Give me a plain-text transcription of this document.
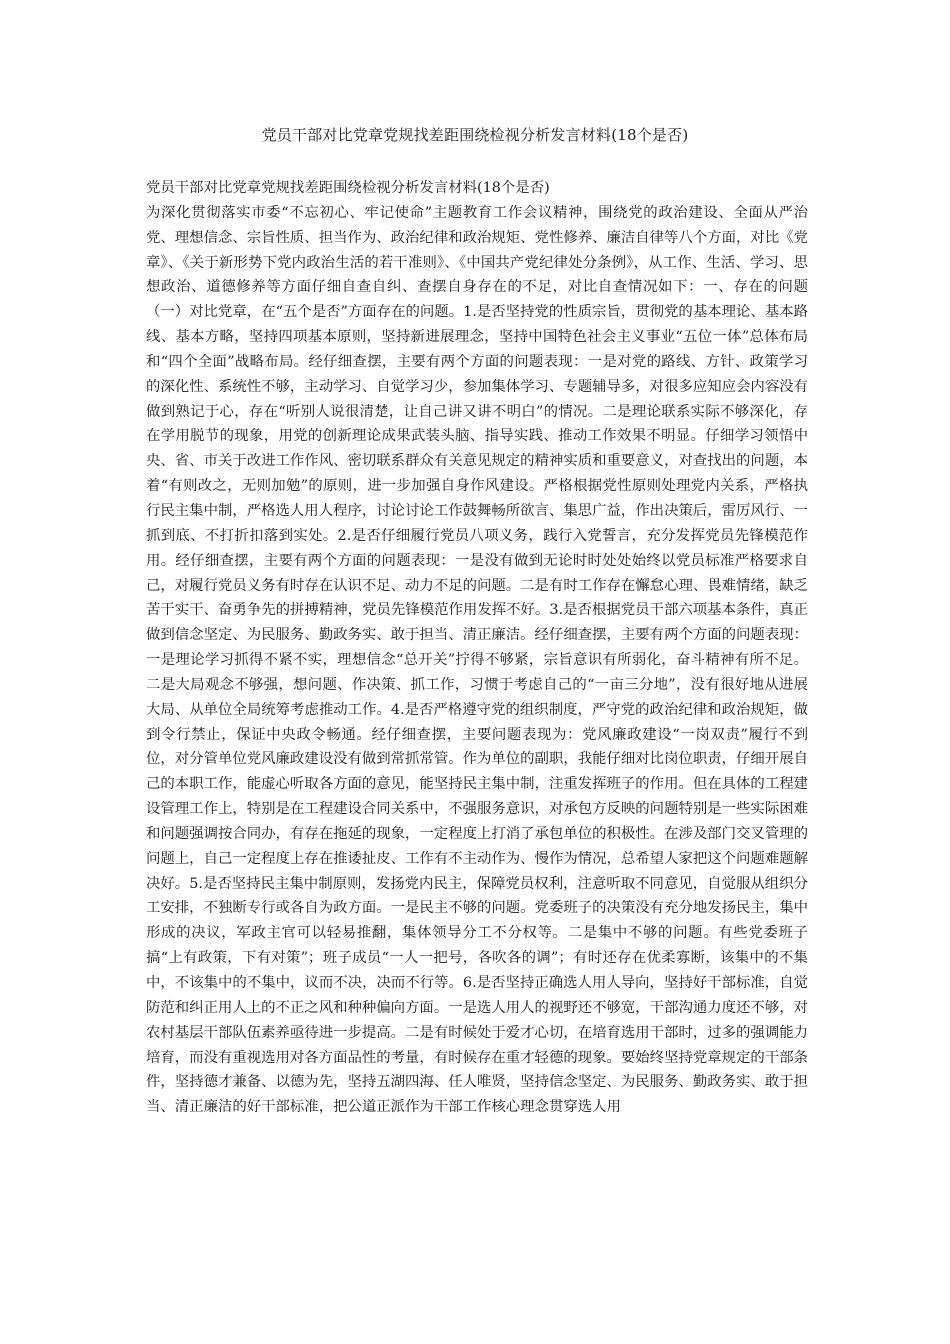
党员干部对比党章党规找差距围绕检视分析发言材料(18个是否)

党员干部对比党章党规找差距围绕检视分析发言材料(18个是否)

为深化贯彻落实市委“不忘初心、牢记使命”主题教育工作会议精神，围绕党的政治建设、全面从严治党、理想信念、宗旨性质、担当作为、政治纪律和政治规矩、党性修养、廉洁自律等八个方面，对比《党章》、《关于新形势下党内政治生活的若干准则》、《中国共产党纪律处分条例》，从工作、生活、学习、思想政治、道德修养等方面仔细自查自纠、查摆自身存在的不足，对比自查情况如下：一、存在的问题（一）对比党章，在“五个是否”方面存在的问题。1.是否坚持党的性质宗旨，贯彻党的基本理论、基本路线、基本方略，坚持四项基本原则，坚持新进展理念，坚持中国特色社会主义事业“五位一体”总体布局和“四个全面”战略布局。经仔细查摆，主要有两个方面的问题表现：一是对党的路线、方针、政策学习的深化性、系统性不够，主动学习、自觉学习少，参加集体学习、专题辅导多，对很多应知应会内容没有做到熟记于心，存在“听别人说很清楚，让自己讲又讲不明白”的情况。二是理论联系实际不够深化，存在学用脱节的现象，用党的创新理论成果武装头脑、指导实践、推动工作效果不明显。仔细学习领悟中央、省、市关于改进工作作风、密切联系群众有关意见规定的精神实质和重要意义，对查找出的问题，本着“有则改之，无则加勉”的原则，进一步加强自身作风建设。严格根据党性原则处理党内关系，严格执行民主集中制，严格选人用人程序，讨论讨论工作鼓舞畅所欲言、集思广益，作出决策后，雷厉风行、一抓到底、不打折扣落到实处。2.是否仔细履行党员八项义务，践行入党誓言，充分发挥党员先锋模范作用。经仔细查摆，主要有两个方面的问题表现：一是没有做到无论时时处处始终以党员标准严格要求自己，对履行党员义务有时存在认识不足、动力不足的问题。二是有时工作存在懈怠心理、畏难情绪，缺乏苦干实干、奋勇争先的拼搏精神，党员先锋模范作用发挥不好。3.是否根据党员干部六项基本条件，真正做到信念坚定、为民服务、勤政务实、敢于担当、清正廉洁。经仔细查摆，主要有两个方面的问题表现：一是理论学习抓得不紧不实，理想信念“总开关”拧得不够紧，宗旨意识有所弱化，奋斗精神有所不足。二是大局观念不够强，想问题、作决策、抓工作，习惯于考虑自己的“一亩三分地”，没有很好地从进展大局、从单位全局统筹考虑推动工作。4.是否严格遵守党的组织制度，严守党的政治纪律和政治规矩，做到令行禁止，保证中央政令畅通。经仔细查摆，主要问题表现为：党风廉政建设“一岗双责”履行不到位，对分管单位党风廉政建设没有做到常抓常管。作为单位的副职，我能仔细对比岗位职责，仔细开展自己的本职工作，能虚心听取各方面的意见，能坚持民主集中制，注重发挥班子的作用。但在具体的工程建设管理工作上，特别是在工程建设合同关系中，不强服务意识，对承包方反映的问题特别是一些实际困难和问题强调按合同办，有存在拖延的现象，一定程度上打消了承包单位的积极性。在涉及部门交叉管理的问题上，自己一定程度上存在推诿扯皮、工作有不主动作为、慢作为情况，总希望人家把这个问题难题解决好。5.是否坚持民主集中制原则，发扬党内民主，保障党员权利，注意听取不同意见，自觉服从组织分工安排，不独断专行或各自为政方面。一是民主不够的问题。党委班子的决策没有充分地发扬民主，集中形成的决议，军政主官可以轻易推翻，集体领导分工不分权等。二是集中不够的问题。有些党委班子搞“上有政策，下有对策”；班子成员“一人一把号，各吹各的调”；有时还存在优柔寡断，该集中的不集中，不该集中的不集中，议而不决，决而不行等。6.是否坚持正确选人用人导向，坚持好干部标准，自觉防范和纠正用人上的不正之风和种种偏向方面。一是选人用人的视野还不够宽，干部沟通力度还不够，对农村基层干部队伍素养亟待进一步提高。二是有时候处于爱才心切，在培育选用干部时，过多的强调能力培育，而没有重视选用对各方面品性的考量，有时候存在重才轻德的现象。要始终坚持党章规定的干部条件，坚持德才兼备、以德为先，坚持五湖四海、任人唯贤，坚持信念坚定、为民服务、勤政务实、敢于担当、清正廉洁的好干部标准，把公道正派作为干部工作核心理念贯穿选人用
